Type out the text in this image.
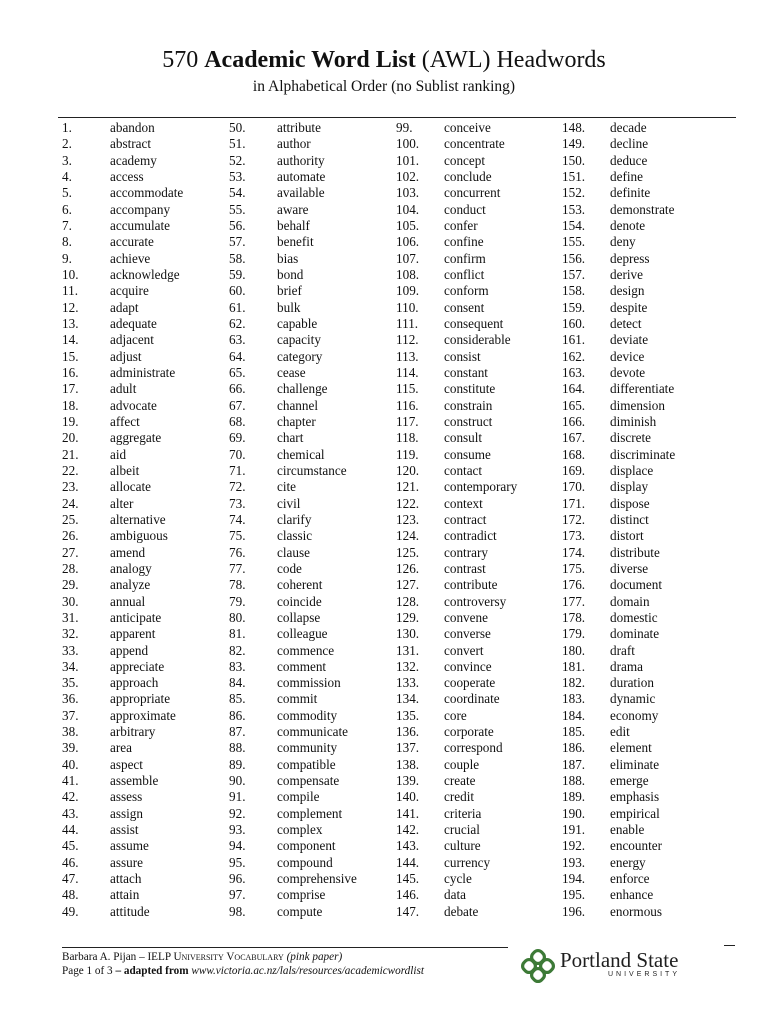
570 Academic Word List (AWL) Headwords
in Alphabetical Order (no Sublist ranking)
1.	abandon
2.	abstract
3.	academy
4.	access
5.	accommodate
6.	accompany
7.	accumulate
8.	accurate
9.	achieve
10. acknowledge
11. acquire
12. adapt
13. adequate
14. adjacent
15. adjust
16. administrate
17. adult
18. advocate
19. affect
20. aggregate
21. aid
22. albeit
23. allocate
24. alter
25. alternative
26. ambiguous
27. amend
28. analogy
29. analyze
30. annual
31. anticipate
32. apparent
33. append
34. appreciate
35. approach
36. appropriate
37. approximate
38. arbitrary
39. area
40. aspect
41. assemble
42. assess
43. assign
44. assist
45. assume
46. assure
47. attach
48. attain
49. attitude
50. attribute
51. author
52. authority
53. automate
54. available
55. aware
56. behalf
57. benefit
58. bias
59. bond
60. brief
61. bulk
62. capable
63. capacity
64. category
65. cease
66. challenge
67. channel
68. chapter
69. chart
70. chemical
71. circumstance
72. cite
73. civil
74. clarify
75. classic
76. clause
77. code
78. coherent
79. coincide
80. collapse
81. colleague
82. commence
83. comment
84. commission
85. commit
86. commodity
87. communicate
88. community
89. compatible
90. compensate
91. compile
92. complement
93. complex
94. component
95. compound
96. comprehensive
97. comprise
98. compute
99. conceive
100. concentrate
101. concept
102. conclude
103. concurrent
104. conduct
105. confer
106. confine
107. confirm
108. conflict
109. conform
110. consent
111. consequent
112. considerable
113. consist
114. constant
115. constitute
116. constrain
117. construct
118. consult
119. consume
120. contact
121. contemporary
122. context
123. contract
124. contradict
125. contrary
126. contrast
127. contribute
128. controversy
129. convene
130. converse
131. convert
132. convince
133. cooperate
134. coordinate
135. core
136. corporate
137. correspond
138. couple
139. create
140. credit
141. criteria
142. crucial
143. culture
144. currency
145. cycle
146. data
147. debate
148. decade
149. decline
150. deduce
151. define
152. definite
153. demonstrate
154. denote
155. deny
156. depress
157. derive
158. design
159. despite
160. detect
161. deviate
162. device
163. devote
164. differentiate
165. dimension
166. diminish
167. discrete
168. discriminate
169. displace
170. display
171. dispose
172. distinct
173. distort
174. distribute
175. diverse
176. document
177. domain
178. domestic
179. dominate
180. draft
181. drama
182. duration
183. dynamic
184. economy
185. edit
186. element
187. eliminate
188. emerge
189. emphasis
190. empirical
191. enable
192. encounter
193. energy
194. enforce
195. enhance
196. enormous
Barbara A. Pijan – IELP University Vocabulary (pink paper)
Page 1 of 3 – adapted from www.victoria.ac.nz/lals/resources/academicwordlist	Portland State
UNIVERSITY
